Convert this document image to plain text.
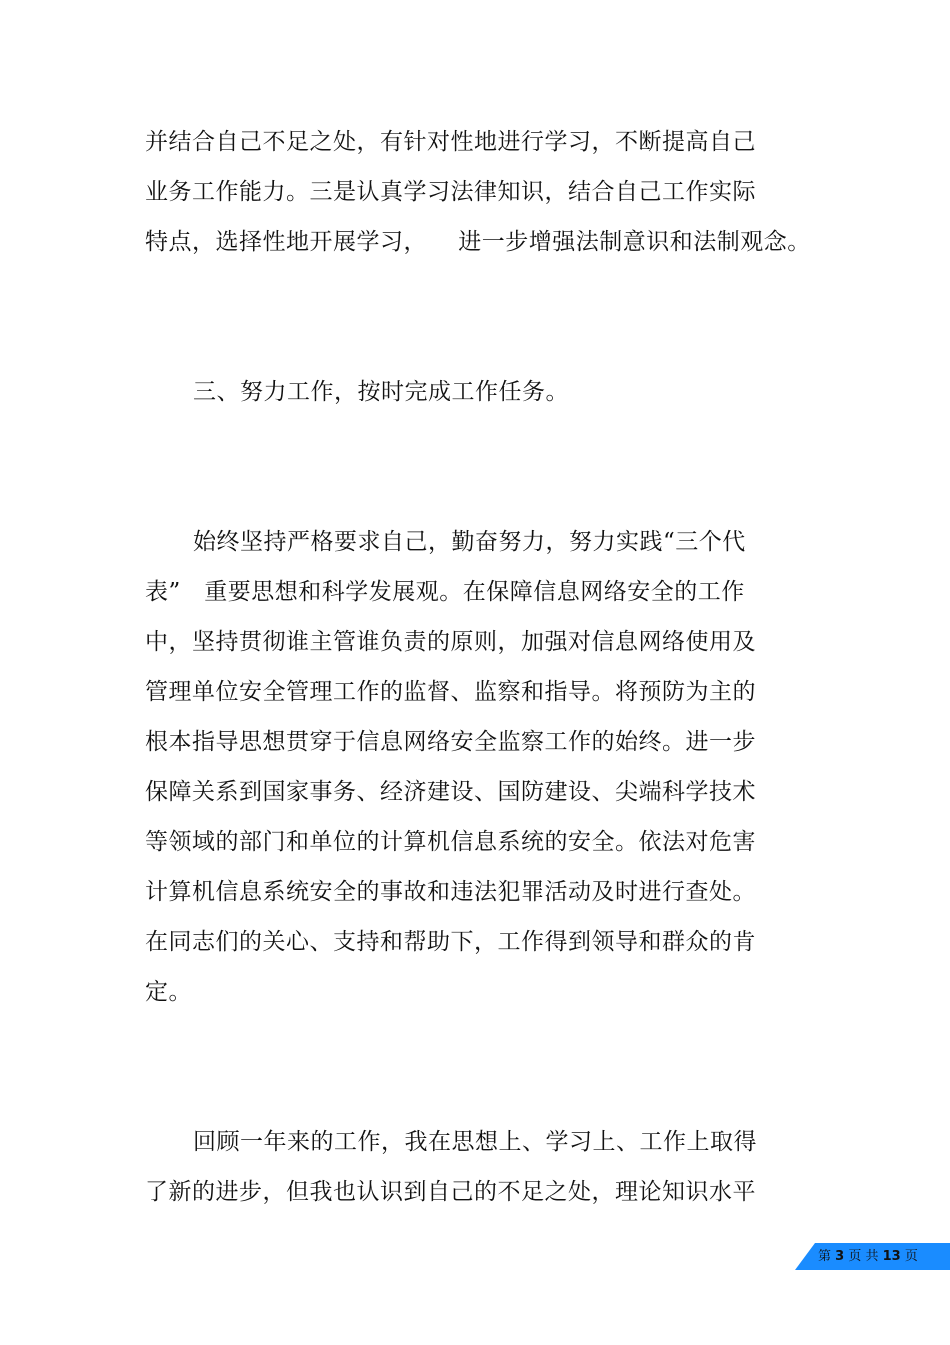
并结合自己不足之处，有针对性地进行学习，不断提高自己
业务工作能力。三是认真学习法律知识，结合自己工作实际
特点，选择性地开展学习，    进一步增强法制意识和法制观念。
三、努力工作，按时完成工作任务。
始终坚持严格要求自己，勤奋努力，努力实践“三个代
表”   重要思想和科学发展观。在保障信息网络安全的工作
中，坚持贯彻谁主管谁负责的原则，加强对信息网络使用及
管理单位安全管理工作的监督、监察和指导。将预防为主的
根本指导思想贯穿于信息网络安全监察工作的始终。进一步
保障关系到国家事务、经济建设、国防建设、尖端科学技术
等领域的部门和单位的计算机信息系统的安全。依法对危害
计算机信息系统安全的事故和违法犯罪活动及时进行查处。
在同志们的关心、支持和帮助下，工作得到领导和群众的肯
定。
回顾一年来的工作，我在思想上、学习上、工作上取得
了新的进步，但我也认识到自己的不足之处，理论知识水平
第 3 页 共 13 页
